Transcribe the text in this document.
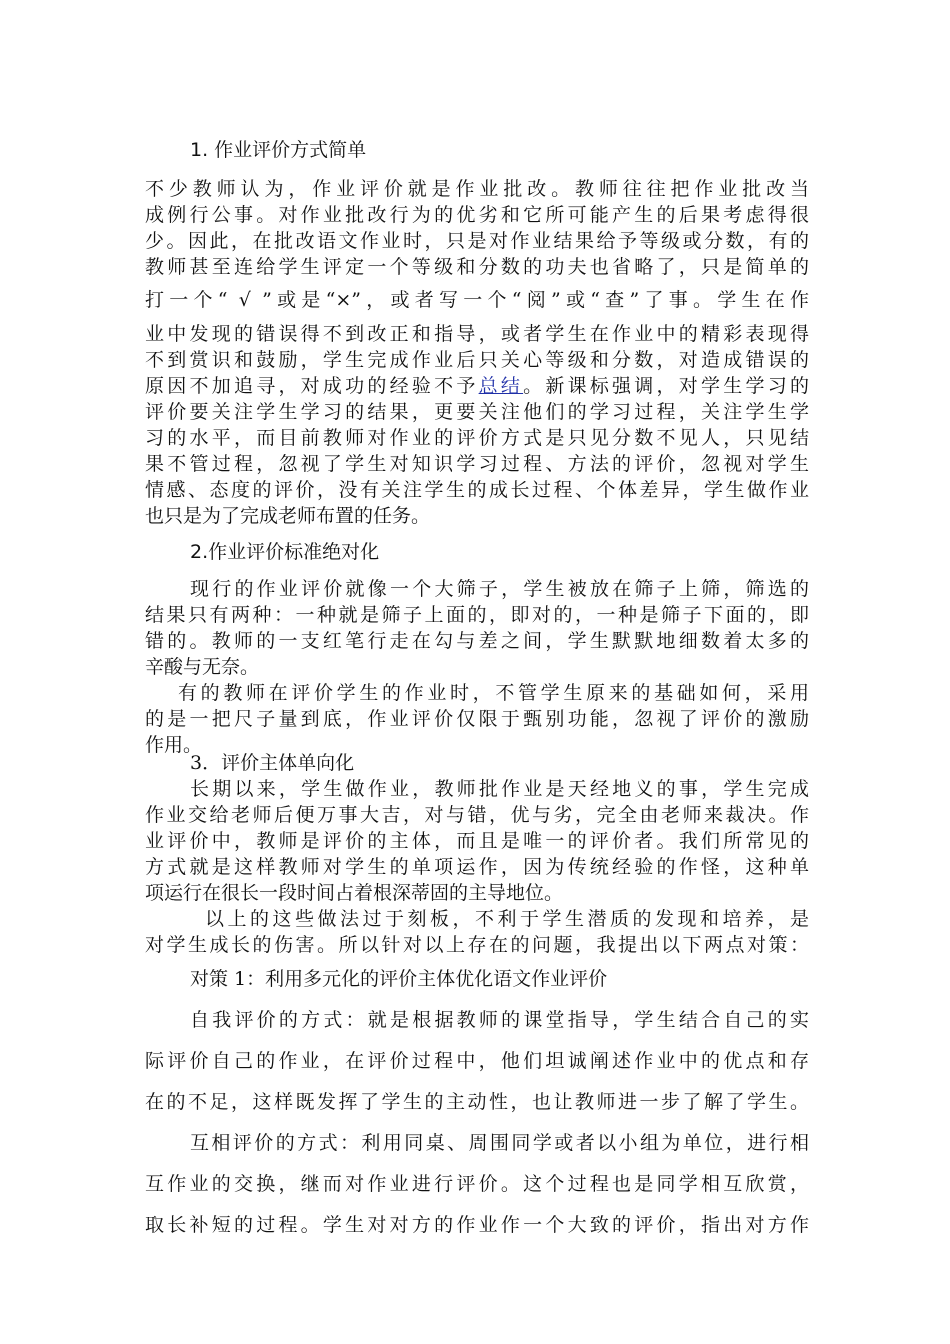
1. 作业评价方式简单
不少教师认为，作业评价就是作业批改。教师往往把作业批改当
成例行公事。对作业批改行为的优劣和它所可能产生的后果考虑得很
少。因此，在批改语文作业时，只是对作业结果给予等级或分数，有的
教师甚至连给学生评定一个等级和分数的功夫也省略了，只是简单的
打一个“ √ ”或是“×”，或者写一个“阅”或“查”了事。学生在作
业中发现的错误得不到改正和指导，或者学生在作业中的精彩表现得
不到赏识和鼓励，学生完成作业后只关心等级和分数，对造成错误的
原因不加追寻，对成功的经验不予总结。新课标强调，对学生学习的
评价要关注学生学习的结果，更要关注他们的学习过程，关注学生学
习的水平，而目前教师对作业的评价方式是只见分数不见人，只见结
果不管过程，忽视了学生对知识学习过程、方法的评价，忽视对学生
情感、态度的评价，没有关注学生的成长过程、个体差异，学生做作业
也只是为了完成老师布置的任务。
2.作业评价标准绝对化
现行的作业评价就像一个大筛子，学生被放在筛子上筛，筛选的
结果只有两种：一种就是筛子上面的，即对的，一种是筛子下面的，即
错的。教师的一支红笔行走在勾与差之间，学生默默地细数着太多的
辛酸与无奈。
有的教师在评价学生的作业时，不管学生原来的基础如何，采用
的是一把尺子量到底，作业评价仅限于甄别功能，忽视了评价的激励
作用。
3．评价主体单向化
长期以来，学生做作业，教师批作业是天经地义的事，学生完成
作业交给老师后便万事大吉，对与错，优与劣，完全由老师来裁决。作
业评价中，教师是评价的主体，而且是唯一的评价者。我们所常见的
方式就是这样教师对学生的单项运作，因为传统经验的作怪，这种单
项运行在很长一段时间占着根深蒂固的主导地位。
以上的这些做法过于刻板，不利于学生潜质的发现和培养，是
对学生成长的伤害。所以针对以上存在的问题，我提出以下两点对策：
对策 1：利用多元化的评价主体优化语文作业评价
自我评价的方式：就是根据教师的课堂指导，学生结合自己的实
际评价自己的作业，在评价过程中，他们坦诚阐述作业中的优点和存
在的不足，这样既发挥了学生的主动性，也让教师进一步了解了学生。
互相评价的方式：利用同桌、周围同学或者以小组为单位，进行相
互作业的交换，继而对作业进行评价。这个过程也是同学相互欣赏，
取长补短的过程。学生对对方的作业作一个大致的评价，指出对方作
